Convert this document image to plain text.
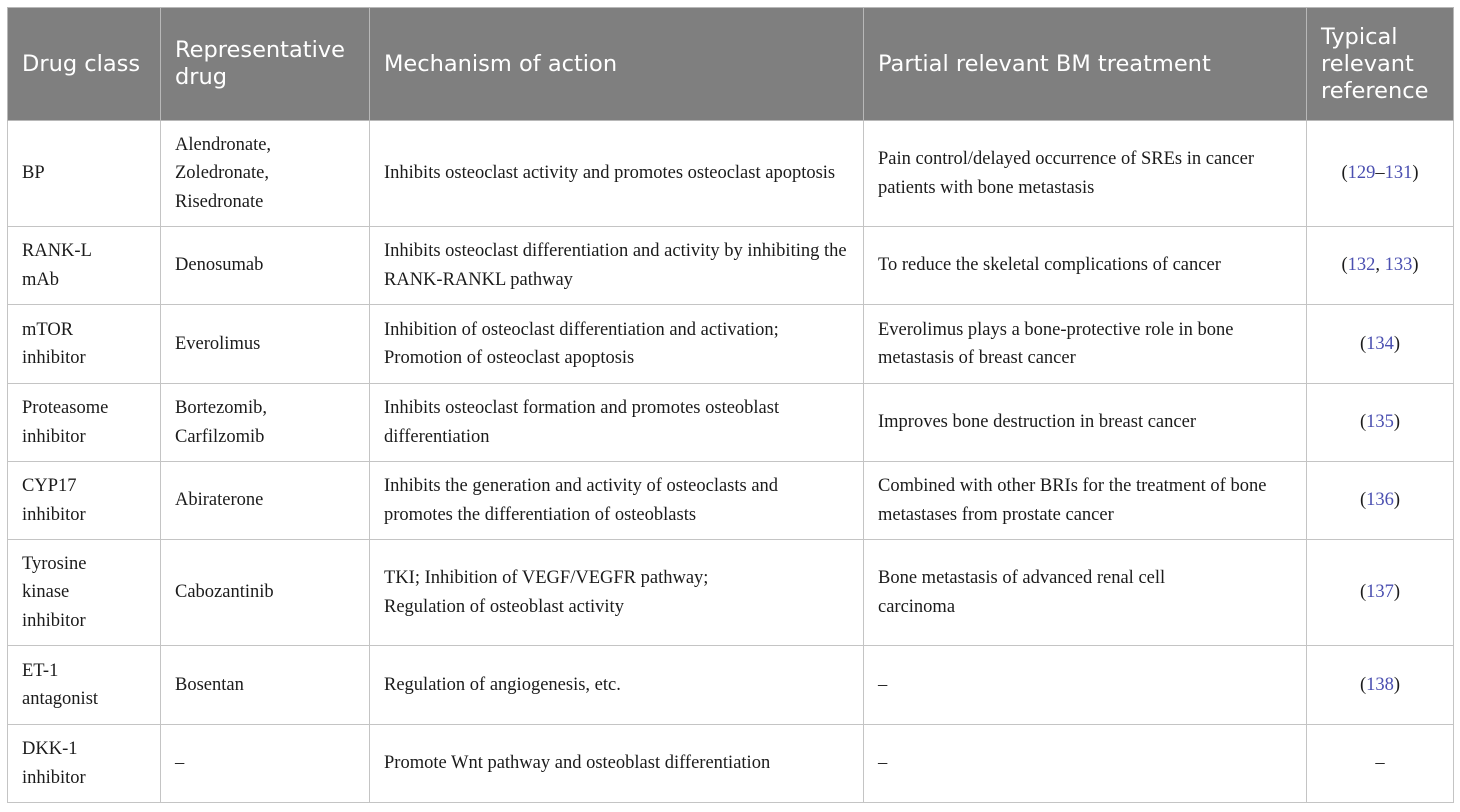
Drug class	Representative drug	Mechanism of action	Partial relevant BM treatment	Typical relevant reference
BP	Alendronate, Zoledronate, Risedronate	Inhibits osteoclast activity and promotes osteoclast apoptosis	Pain control/delayed occurrence of SREs in cancer patients with bone metastasis	(129–131)
RANK-L mAb	Denosumab	Inhibits osteoclast differentiation and activity by inhibiting the RANK-RANKL pathway	To reduce the skeletal complications of cancer	(132, 133)
mTOR inhibitor	Everolimus	Inhibition of osteoclast differentiation and activation; Promotion of osteoclast apoptosis	Everolimus plays a bone-protective role in bone metastasis of breast cancer	(134)
Proteasome inhibitor	Bortezomib, Carfilzomib	Inhibits osteoclast formation and promotes osteoblast differentiation	Improves bone destruction in breast cancer	(135)
CYP17 inhibitor	Abiraterone	Inhibits the generation and activity of osteoclasts and promotes the differentiation of osteoblasts	Combined with other BRIs for the treatment of bone metastases from prostate cancer	(136)
Tyrosine kinase inhibitor	Cabozantinib	TKI; Inhibition of VEGF/VEGFR pathway; Regulation of osteoblast activity	Bone metastasis of advanced renal cell carcinoma	(137)
ET-1 antagonist	Bosentan	Regulation of angiogenesis, etc.	–	(138)
DKK-1 inhibitor	–	Promote Wnt pathway and osteoblast differentiation	–	–
